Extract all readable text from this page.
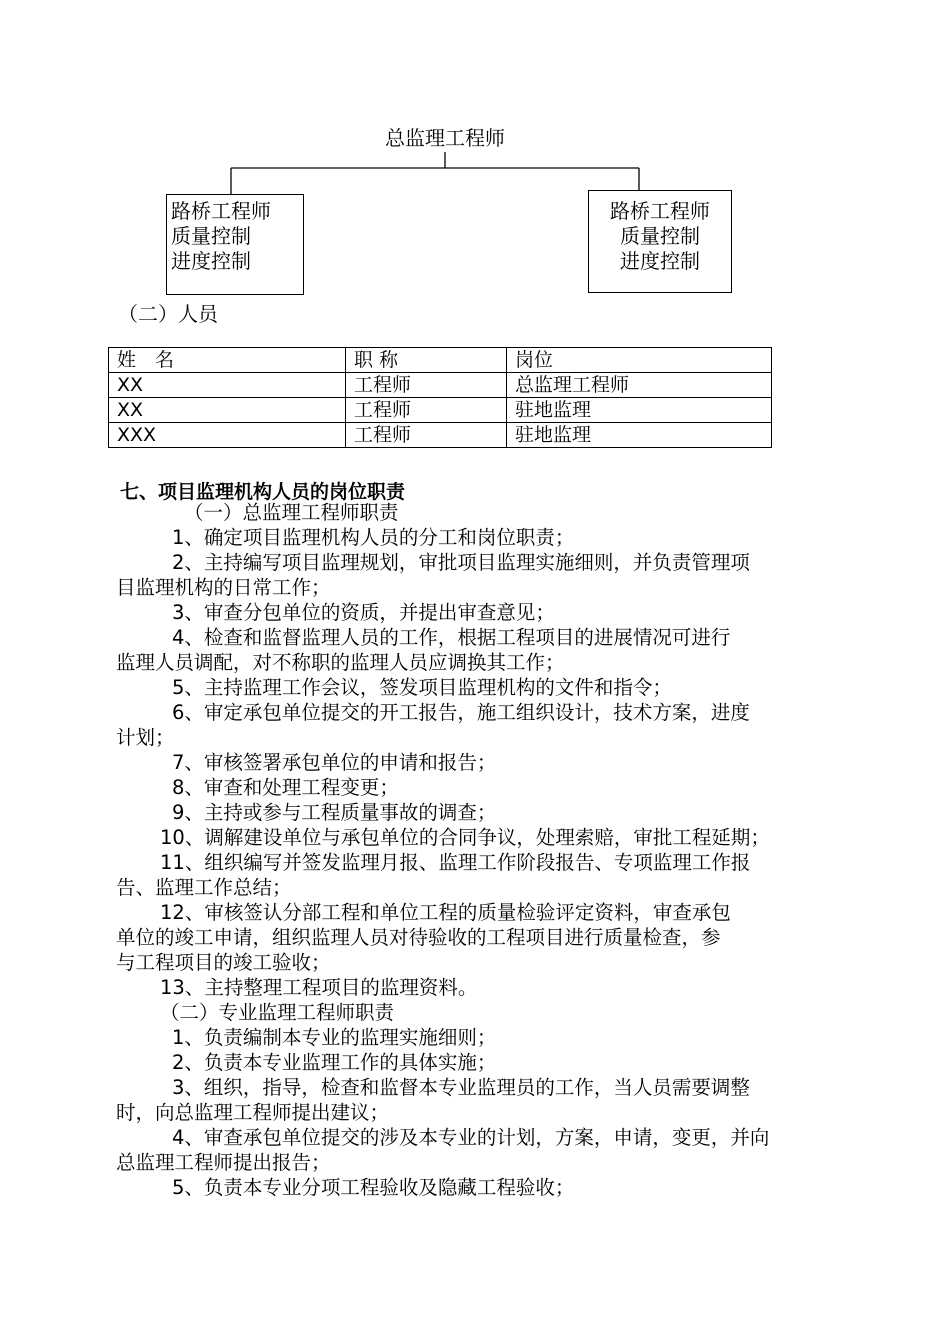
总监理工程师
路桥工程师
质量控制
进度控制
路桥工程师
质量控制
进度控制
（二）人员
姓　名	职 称	岗位
XX	工程师	总监理工程师
XX	工程师	驻地监理
XXX	工程师	驻地监理
七、项目监理机构人员的岗位职责

（一）总监理工程师职责

1、确定项目监理机构人员的分工和岗位职责；

2、主持编写项目监理规划，审批项目监理实施细则，并负责管理项

目监理机构的日常工作；

3、审查分包单位的资质，并提出审查意见；

4、检查和监督监理人员的工作，根据工程项目的进展情况可进行

监理人员调配，对不称职的监理人员应调换其工作；

5、主持监理工作会议，签发项目监理机构的文件和指令；

6、审定承包单位提交的开工报告，施工组织设计，技术方案，进度

计划；

7、审核签署承包单位的申请和报告；

8、审查和处理工程变更；

9、主持或参与工程质量事故的调查；

10、调解建设单位与承包单位的合同争议，处理索赔，审批工程延期；

11、组织编写并签发监理月报、监理工作阶段报告、专项监理工作报

告、监理工作总结；

12、审核签认分部工程和单位工程的质量检验评定资料，审查承包

单位的竣工申请，组织监理人员对待验收的工程项目进行质量检查，参

与工程项目的竣工验收；

13、主持整理工程项目的监理资料。

（二）专业监理工程师职责

1、负责编制本专业的监理实施细则；

2、负责本专业监理工作的具体实施；

3、组织，指导，检查和监督本专业监理员的工作，当人员需要调整

时，向总监理工程师提出建议；

4、审查承包单位提交的涉及本专业的计划，方案，申请，变更，并向

总监理工程师提出报告；

5、负责本专业分项工程验收及隐藏工程验收；
